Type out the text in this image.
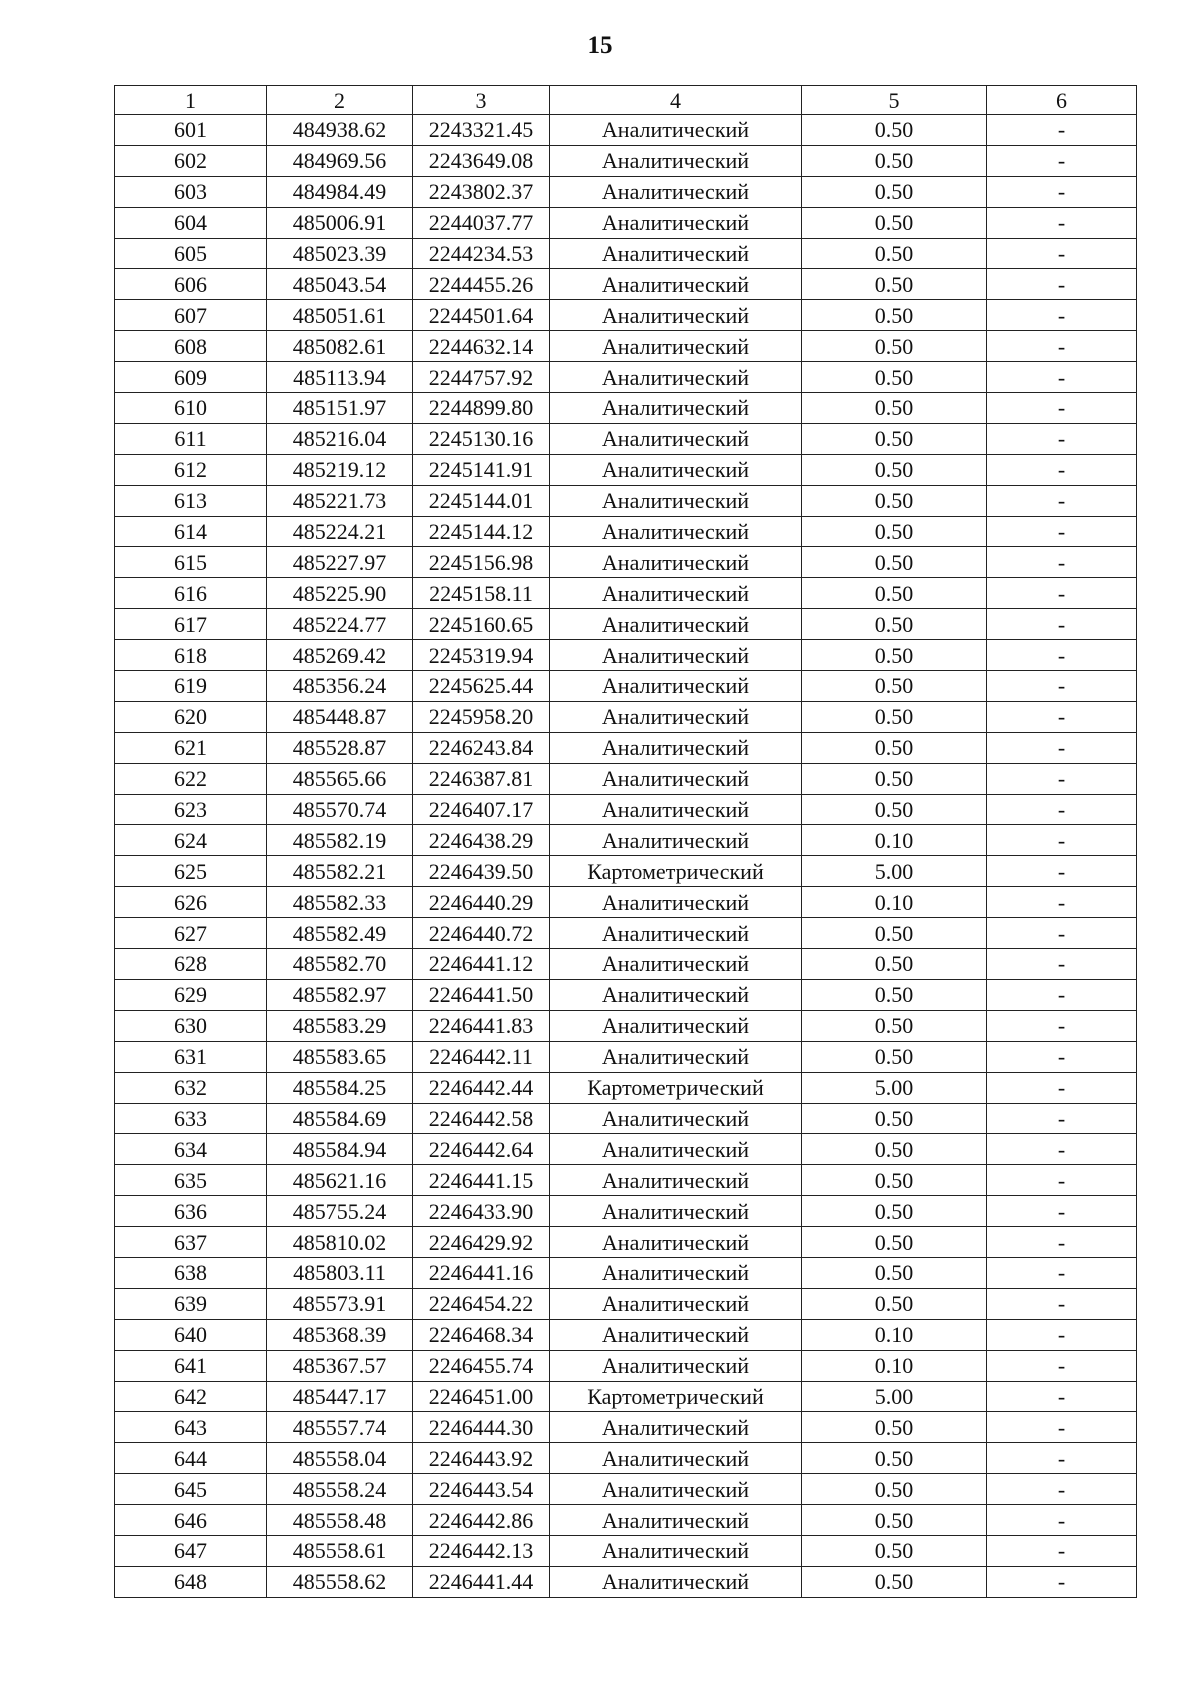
15
1	2	3	4	5	6
601	484938.62	2243321.45	Аналитический	0.50	-
602	484969.56	2243649.08	Аналитический	0.50	-
603	484984.49	2243802.37	Аналитический	0.50	-
604	485006.91	2244037.77	Аналитический	0.50	-
605	485023.39	2244234.53	Аналитический	0.50	-
606	485043.54	2244455.26	Аналитический	0.50	-
607	485051.61	2244501.64	Аналитический	0.50	-
608	485082.61	2244632.14	Аналитический	0.50	-
609	485113.94	2244757.92	Аналитический	0.50	-
610	485151.97	2244899.80	Аналитический	0.50	-
611	485216.04	2245130.16	Аналитический	0.50	-
612	485219.12	2245141.91	Аналитический	0.50	-
613	485221.73	2245144.01	Аналитический	0.50	-
614	485224.21	2245144.12	Аналитический	0.50	-
615	485227.97	2245156.98	Аналитический	0.50	-
616	485225.90	2245158.11	Аналитический	0.50	-
617	485224.77	2245160.65	Аналитический	0.50	-
618	485269.42	2245319.94	Аналитический	0.50	-
619	485356.24	2245625.44	Аналитический	0.50	-
620	485448.87	2245958.20	Аналитический	0.50	-
621	485528.87	2246243.84	Аналитический	0.50	-
622	485565.66	2246387.81	Аналитический	0.50	-
623	485570.74	2246407.17	Аналитический	0.50	-
624	485582.19	2246438.29	Аналитический	0.10	-
625	485582.21	2246439.50	Картометрический	5.00	-
626	485582.33	2246440.29	Аналитический	0.10	-
627	485582.49	2246440.72	Аналитический	0.50	-
628	485582.70	2246441.12	Аналитический	0.50	-
629	485582.97	2246441.50	Аналитический	0.50	-
630	485583.29	2246441.83	Аналитический	0.50	-
631	485583.65	2246442.11	Аналитический	0.50	-
632	485584.25	2246442.44	Картометрический	5.00	-
633	485584.69	2246442.58	Аналитический	0.50	-
634	485584.94	2246442.64	Аналитический	0.50	-
635	485621.16	2246441.15	Аналитический	0.50	-
636	485755.24	2246433.90	Аналитический	0.50	-
637	485810.02	2246429.92	Аналитический	0.50	-
638	485803.11	2246441.16	Аналитический	0.50	-
639	485573.91	2246454.22	Аналитический	0.50	-
640	485368.39	2246468.34	Аналитический	0.10	-
641	485367.57	2246455.74	Аналитический	0.10	-
642	485447.17	2246451.00	Картометрический	5.00	-
643	485557.74	2246444.30	Аналитический	0.50	-
644	485558.04	2246443.92	Аналитический	0.50	-
645	485558.24	2246443.54	Аналитический	0.50	-
646	485558.48	2246442.86	Аналитический	0.50	-
647	485558.61	2246442.13	Аналитический	0.50	-
648	485558.62	2246441.44	Аналитический	0.50	-
